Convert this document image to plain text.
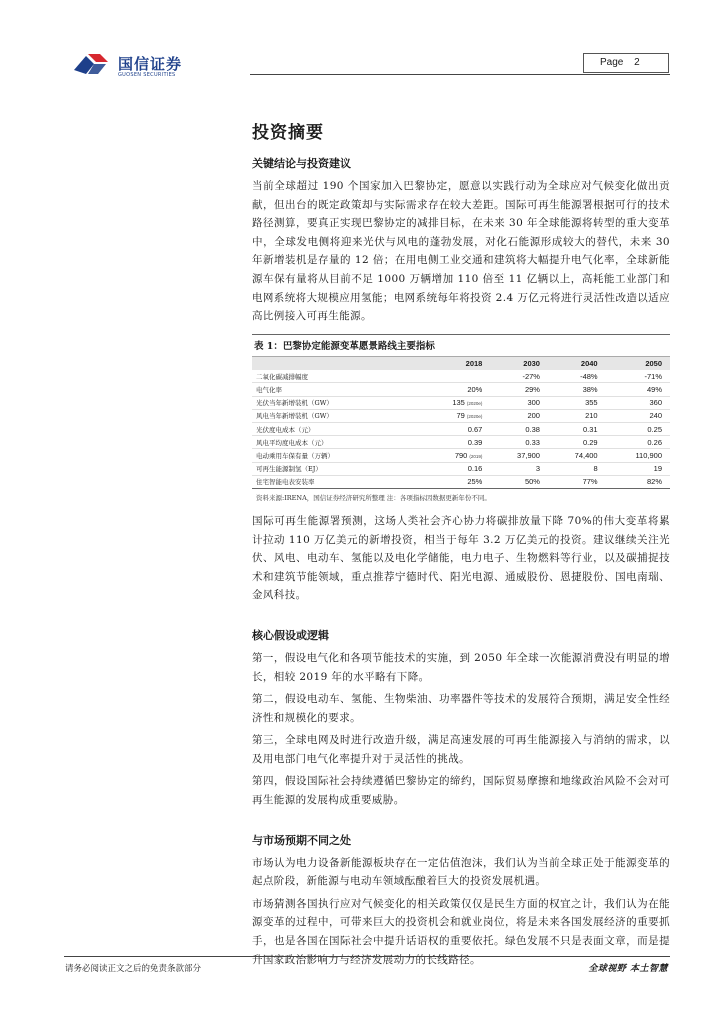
国信证券
GUOSEN SECURITIES
Page 2
投资摘要
关键结论与投资建议
当前全球超过 190 个国家加入巴黎协定，愿意以实践行动为全球应对气候变化做出贡献，但出台的既定政策却与实际需求存在较大差距。国际可再生能源署根据可行的技术路径测算，要真正实现巴黎协定的减排目标，在未来 30 年全球能源将转型的重大变革中，全球发电侧将迎来光伏与风电的蓬勃发展，对化石能源形成较大的替代，未来 30 年新增装机是存量的 12 倍；在用电侧工业交通和建筑将大幅提升电气化率，全球新能源车保有量将从目前不足 1000 万辆增加 110 倍至 11 亿辆以上，高耗能工业部门和电网系统将大规模应用氢能；电网系统每年将投资 2.4 万亿元将进行灵活性改造以适应高比例接入可再生能源。
表 1：巴黎协定能源变革愿景路线主要指标
	2018	2030	2040	2050
二氧化碳减排幅度		-27%	-48%	-71%
电气化率	20%	29%	38%	49%
光伏当年新增装机（GW）	135 (2020e)	300	355	360
风电当年新增装机（GW）	79 (2020e)	200	210	240
光伏度电成本（元）	0.67	0.38	0.31	0.25
风电平均度电成本（元）	0.39	0.33	0.29	0.26
电动乘用车保有量（万辆）	790 (2019)	37,900	74,400	110,900
可再生能源制氢（EJ）	0.16	3	8	19
住宅智能电表安装率	25%	50%	77%	82%
资料来源:IRENA，国信证券经济研究所整理 注：各项指标因数据更新年份不同。
国际可再生能源署预测，这场人类社会齐心协力将碳排放量下降 70%的伟大变革将累计拉动 110 万亿美元的新增投资，相当于每年 3.2 万亿美元的投资。建议继续关注光伏、风电、电动车、氢能以及电化学储能，电力电子、生物燃料等行业，以及碳捕捉技术和建筑节能领域，重点推荐宁德时代、阳光电源、通威股份、恩捷股份、国电南瑞、金风科技。
核心假设或逻辑
第一，假设电气化和各项节能技术的实施，到 2050 年全球一次能源消费没有明显的增长，相较 2019 年的水平略有下降。
第二，假设电动车、氢能、生物柴油、功率器件等技术的发展符合预期，满足安全性经济性和规模化的要求。
第三，全球电网及时进行改造升级，满足高速发展的可再生能源接入与消纳的需求，以及用电部门电气化率提升对于灵活性的挑战。
第四，假设国际社会持续遵循巴黎协定的缔约，国际贸易摩擦和地缘政治风险不会对可再生能源的发展构成重要威胁。
与市场预期不同之处
市场认为电力设备新能源板块存在一定估值泡沫，我们认为当前全球正处于能源变革的起点阶段，新能源与电动车领域酝酿着巨大的投资发展机遇。
市场猜测各国执行应对气候变化的相关政策仅仅是民生方面的权宜之计，我们认为在能源变革的过程中，可带来巨大的投资机会和就业岗位，将是未来各国发展经济的重要抓手，也是各国在国际社会中提升话语权的重要依托。绿色发展不只是表面文章，而是提升国家政治影响力与经济发展动力的长线路径。
请务必阅读正文之后的免责条款部分	全球视野 本土智慧
